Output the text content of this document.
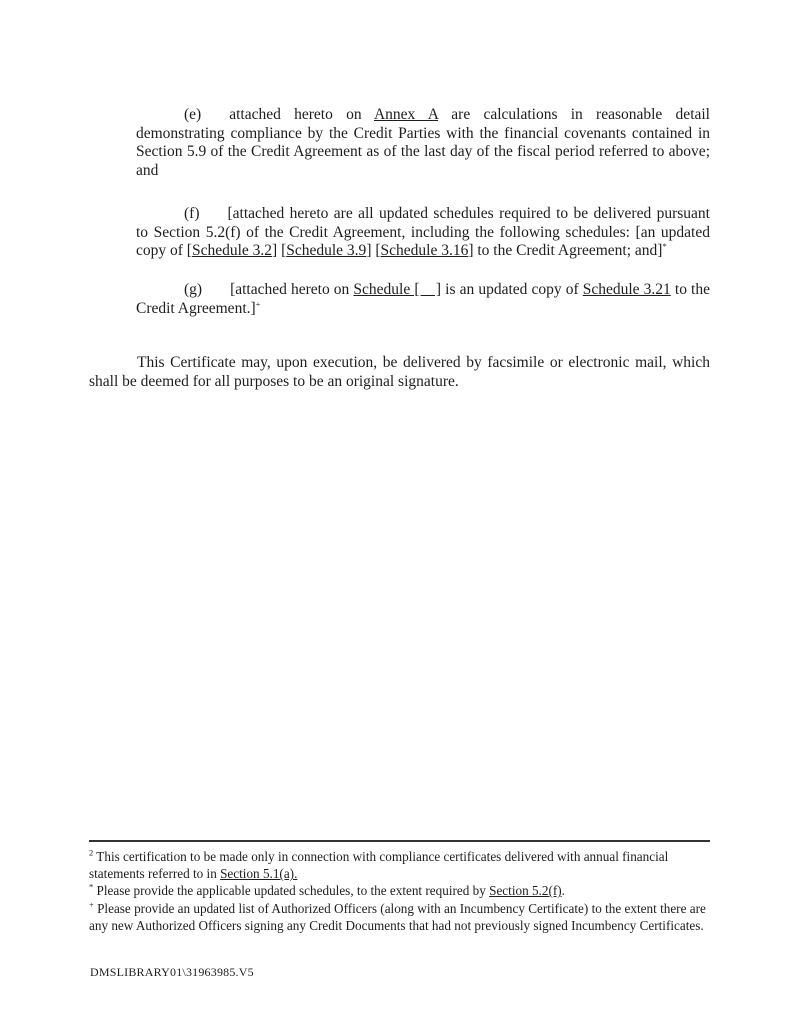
(e) attached hereto on Annex A are calculations in reasonable detail demonstrating compliance by the Credit Parties with the financial covenants contained in Section 5.9 of the Credit Agreement as of the last day of the fiscal period referred to above; and

(f) [attached hereto are all updated schedules required to be delivered pursuant to Section 5.2(f) of the Credit Agreement, including the following schedules: [an updated copy of [Schedule 3.2] [Schedule 3.9] [Schedule 3.16] to the Credit Agreement; and]*

(g) [attached hereto on Schedule [    ] is an updated copy of Schedule 3.21 to the Credit Agreement.]+

This Certificate may, upon execution, be delivered by facsimile or electronic mail, which shall be deemed for all purposes to be an original signature.

$^2$ This certification to be made only in connection with compliance certificates delivered with annual financial statements referred to in Section 5.1(a).

* Please provide the applicable updated schedules, to the extent required by Section 5.2(f).

+ Please provide an updated list of Authorized Officers (along with an Incumbency Certificate) to the extent there are any new Authorized Officers signing any Credit Documents that had not previously signed Incumbency Certificates.

DMSLIBRARY01\31963985.V5
